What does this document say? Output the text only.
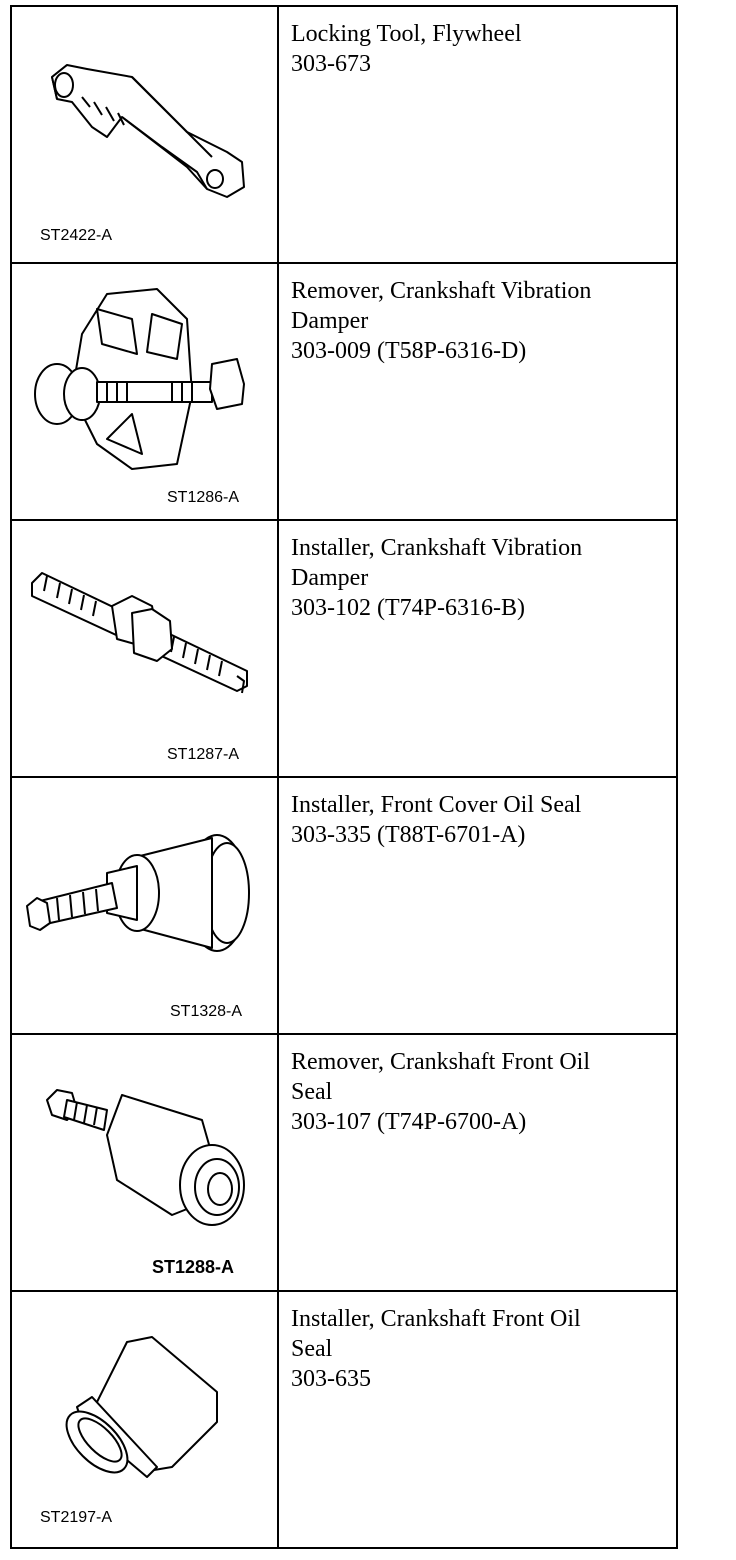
ST2422-A	Locking Tool, Flywheel
303-673

ST1286-A	Remover, Crankshaft Vibration
Damper
303-009 (T58P-6316-D)

ST1287-A	Installer, Crankshaft Vibration
Damper
303-102 (T74P-6316-B)

ST1328-A	Installer, Front Cover Oil Seal
303-335 (T88T-6701-A)

ST1288-A	Remover, Crankshaft Front Oil
Seal
303-107 (T74P-6700-A)

ST2197-A	Installer, Crankshaft Front Oil
Seal
303-635
